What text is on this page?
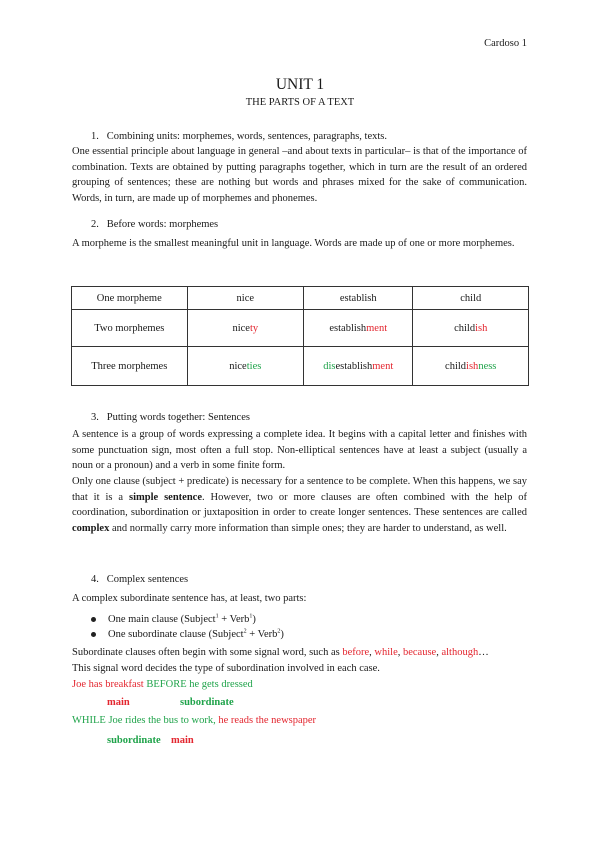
Cardoso 1
UNIT 1
THE PARTS OF A TEXT
1.   Combining units: morphemes, words, sentences, paragraphs, texts.

One essential principle about language in general –and about texts in particular– is that of the importance of combination. Texts are obtained by putting paragraphs together, which in turn are the result of an ordered grouping of sentences; these are nothing but words and phrases mixed for the sake of communication. Words, in turn, are made up of morphemes and phonemes.

2.   Before words: morphemes

A morpheme is the smallest meaningful unit in language. Words are made up of one or more morphemes.

One morpheme	nice	establish	child
Two morphemes	nicety	establishment	childish
Three morphemes	niceties	disestablishment	childishness
3.   Putting words together: Sentences

A sentence is a group of words expressing a complete idea. It begins with a capital letter and finishes with some punctuation sign, most often a full stop. Non-elliptical sentences have at least a subject (usually a noun or a pronoun) and a verb in some finite form.

Only one clause (subject + predicate) is necessary for a sentence to be complete. When this happens, we say that it is a simple sentence. However, two or more clauses are often combined with the help of coordination, subordination or juxtaposition in order to create longer sentences. These sentences are called complex and normally carry more information than simple ones; they are harder to understand, as well.

4.   Complex sentences

A complex subordinate sentence has, at least, two parts:

One main clause (Subject$^1$ + Verb$^1$)
One subordinate clause (Subject$^2$ + Verb$^2$)

Subordinate clauses often begin with some signal word, such as before, while, because, although…
This signal word decides the type of subordination involved in each case.

Joe has breakfast BEFORE he gets dressed
main	subordinate
WHILE Joe rides the bus to work, he reads the newspaper
subordinate main
